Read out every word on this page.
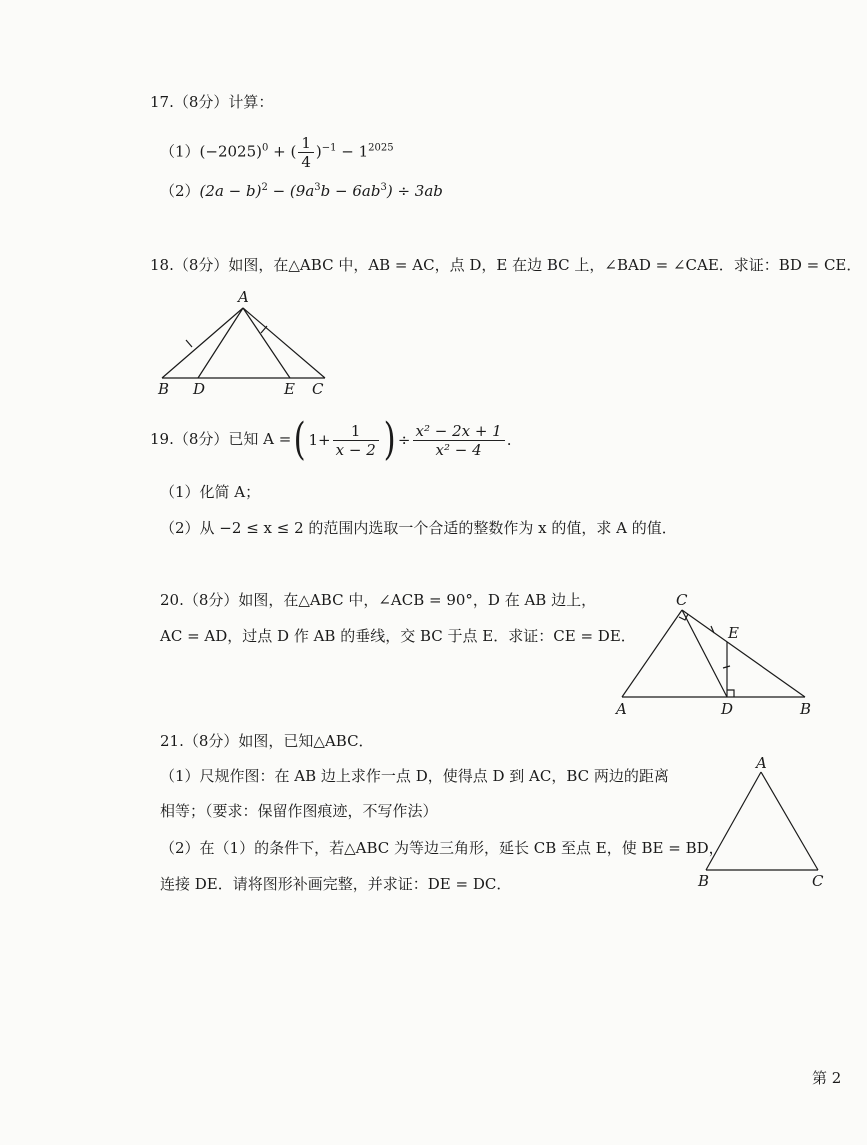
17.（8分）计算：
$(1)(-2025)^0$ + ( $\frac{1}{4} )^{-1} - 1^{2025}$
$(2)(2a - b)^2 - (9a^3b - 6ab^3) \div 3ab$
18.（8分）如图，在△ABC 中，AB = AC，点 D，E 在边 BC 上，∠BAD = ∠CAE．求证：BD = CE．
A
B D	E C
19.（8分）已知 A =( $1+ \frac{1}{x - 2}$ ) ÷ $\frac{\text{x² − 2x + 1}}{\text{x² − 4}}$ .
（1）化简 A；
（2）从 −2 ≤ x ≤ 2 的范围内选取一个合适的整数作为 x 的值，求 A 的值．
20.（8分）如图，在△ABC 中，∠ACB = 90°，D 在 AB 边上，
AC = AD，过点 D 作 AB 的垂线，交 BC 于点 E．求证：CE = DE．
C
E
A	D	B
21.（8分）如图，已知△ABC．
（1）尺规作图：在 AB 边上求作一点 D，使得点 D 到 AC，BC 两边的距离
相等；（要求：保留作图痕迹，不写作法）
（2）在（1）的条件下，若△ABC 为等边三角形，延长 CB 至点 E，使 BE = BD，
连接 DE．请将图形补画完整，并求证：DE = DC．
A
B	C
第 2
